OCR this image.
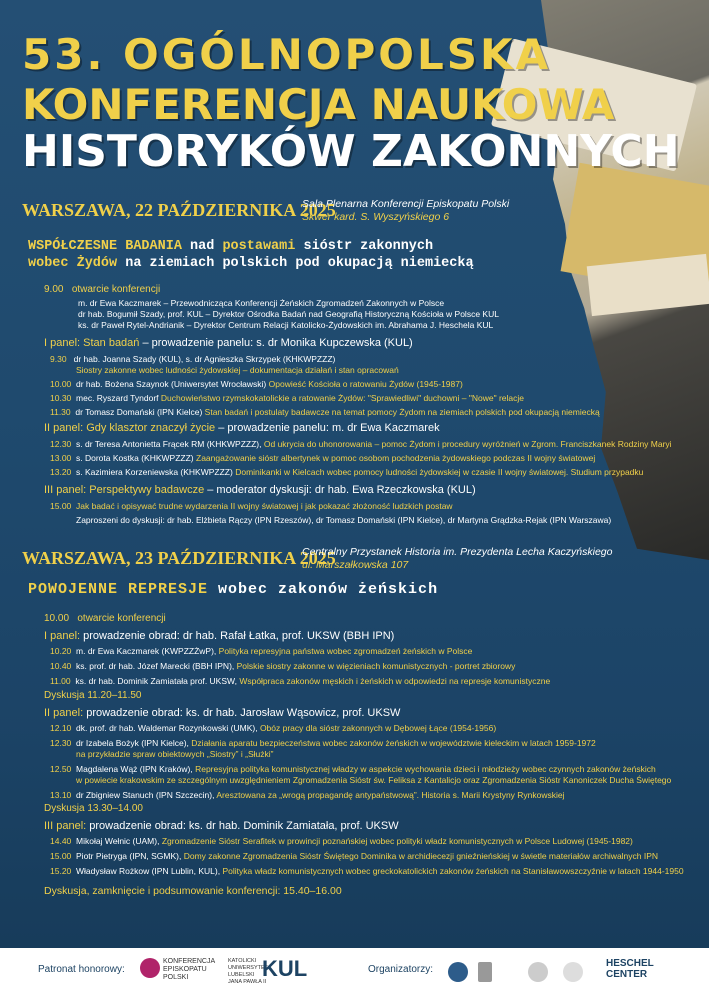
53. OGÓLNOPOLSKA
KONFERENCJA NAUKOWA
HISTORYKÓW ZAKONNYCH
WARSZAWA, 22 PAŹDZIERNIKA 2025
Sala Plenarna Konferencji Episkopatu Polski
Skwer kard. S. Wyszyńskiego 6
WSPÓŁCZESNE BADANIA nad postawami sióstr zakonnych
wobec Żydów na ziemiach polskich pod okupacją niemiecką
9.00 otwarcie konferencji
m. dr Ewa Kaczmarek – Przewodnicząca Konferencji Żeńskich Zgromadzeń Zakonnych w Polsce
dr hab. Bogumił Szady, prof. KUL – Dyrektor Ośrodka Badań nad Geografią Historyczną Kościoła w Polsce KUL
ks. dr Paweł Rytel-Andrianik – Dyrektor Centrum Relacji Katolicko-Żydowskich im. Abrahama J. Heschela KUL
I panel: Stan badań – prowadzenie panelu: s. dr Monika Kupczewska (KUL)
9.30 dr hab. Joanna Szady (KUL), s. dr Agnieszka Skrzypek (KHKWPZZZ)
Siostry zakonne wobec ludności żydowskiej – dokumentacja działań i stan opracowań
10.00 dr hab. Bożena Szaynok (Uniwersytet Wrocławski) Opowieść Kościoła o ratowaniu Żydów (1945-1987)
10.30 mec. Ryszard Tyndorf Duchowieństwo rzymskokatolickie a ratowanie Żydów: "Sprawiedliwi" duchowni – "Nowe" relacje
11.30 dr Tomasz Domański (IPN Kielce) Stan badań i postulaty badawcze na temat pomocy Żydom na ziemiach polskich pod okupacją niemiecką
II panel: Gdy klasztor znaczył życie – prowadzenie panelu: m. dr Ewa Kaczmarek
12.30 s. dr Teresa Antonietta Frącek RM (KHKWPZZZ), Od ukrycia do uhonorowania – pomoc Żydom i procedury wyróżnień w Zgrom. Franciszkanek Rodziny Maryi
13.00 s. Dorota Kostka (KHKWPZZZ) Zaangażowanie sióstr albertynek w pomoc osobom pochodzenia żydowskiego podczas II wojny światowej
13.20 s. Kazimiera Korzeniewska (KHKWPZZZ) Dominikanki w Kielcach wobec pomocy ludności żydowskiej w czasie II wojny światowej. Studium przypadku
III panel: Perspektywy badawcze – moderator dyskusji: dr hab. Ewa Rzeczkowska (KUL)
15.00 Jak badać i opisywać trudne wydarzenia II wojny światowej i jak pokazać złożoność ludzkich postaw
Zaproszeni do dyskusji: dr hab. Elżbieta Rączy (IPN Rzeszów), dr Tomasz Domański (IPN Kielce), dr Martyna Grądzka-Rejak (IPN Warszawa)
WARSZAWA, 23 PAŹDZIERNIKA 2025
Centralny Przystanek Historia im. Prezydenta Lecha Kaczyńskiego
ul. Marszałkowska 107
POWOJENNE REPRESJE wobec zakonów żeńskich
10.00 otwarcie konferencji
I panel: prowadzenie obrad: dr hab. Rafał Łatka, prof. UKSW (BBH IPN)
10.20 m. dr Ewa Kaczmarek (KWPZZŻwP), Polityka represyjna państwa wobec zgromadzeń żeńskich w Polsce
10.40 ks. prof. dr hab. Józef Marecki (BBH IPN), Polskie siostry zakonne w więzieniach komunistycznych - portret zbiorowy
11.00 ks. dr hab. Dominik Zamiatała prof. UKSW, Współpraca zakonów męskich i żeńskich w odpowiedzi na represje komunistyczne
Dyskusja 11.20–11.50
II panel: prowadzenie obrad: ks. dr hab. Jarosław Wąsowicz, prof. UKSW
12.10 dk. prof. dr hab. Waldemar Rozynkowski (UMK), Obóz pracy dla sióstr zakonnych w Dębowej Łące (1954-1956)
12.30 dr Izabela Bożyk (IPN Kielce), Działania aparatu bezpieczeństwa wobec zakonów żeńskich w województwie kieleckim w latach 1959-1972
na przykładzie spraw obiektowych „Siostry” i „Służki”
12.50 Magdalena Wąż (IPN Kraków), Represyjna polityka komunistycznej władzy w aspekcie wychowania dzieci i młodzieży wobec czynnych zakonów żeńskich
w powiecie krakowskim ze szczególnym uwzględnieniem Zgromadzenia Sióstr św. Feliksa z Kantalicjo oraz Zgromadzenia Sióstr Kanoniczek Ducha Świętego
13.10 dr Zbigniew Stanuch (IPN Szczecin), Aresztowana za „wrogą propagandę antypaństwową”. Historia s. Marii Krystyny Rynkowskiej
Dyskusja 13.30–14.00
III panel: prowadzenie obrad: ks. dr hab. Dominik Zamiatała, prof. UKSW
14.40 Mikołaj Wełnic (UAM), Zgromadzenie Sióstr Serafitek w prowincji poznańskiej wobec polityki władz komunistycznych w Polsce Ludowej (1945-1982)
15.00 Piotr Pietryga (IPN, SGMK), Domy zakonne Zgromadzenia Sióstr Świętego Dominika w archidiecezji gnieźnieńskiej w świetle materiałów archiwalnych IPN
15.20 Władysław Rożkow (IPN Lublin, KUL), Polityka władz komunistycznych wobec greckokatolickich zakonów żeńskich na Stanisławowszczyźnie w latach 1944-1950
Dyskusja, zamknięcie i podsumowanie konferencji: 15.40–16.00
Patronat honorowy:
KONFERENCJA EPISKOPATU POLSKI
KATOLICKI UNIWERSYTET LUBELSKI JANA PAWŁA II
KUL	Organizatorzy:
HESCHEL CENTER
